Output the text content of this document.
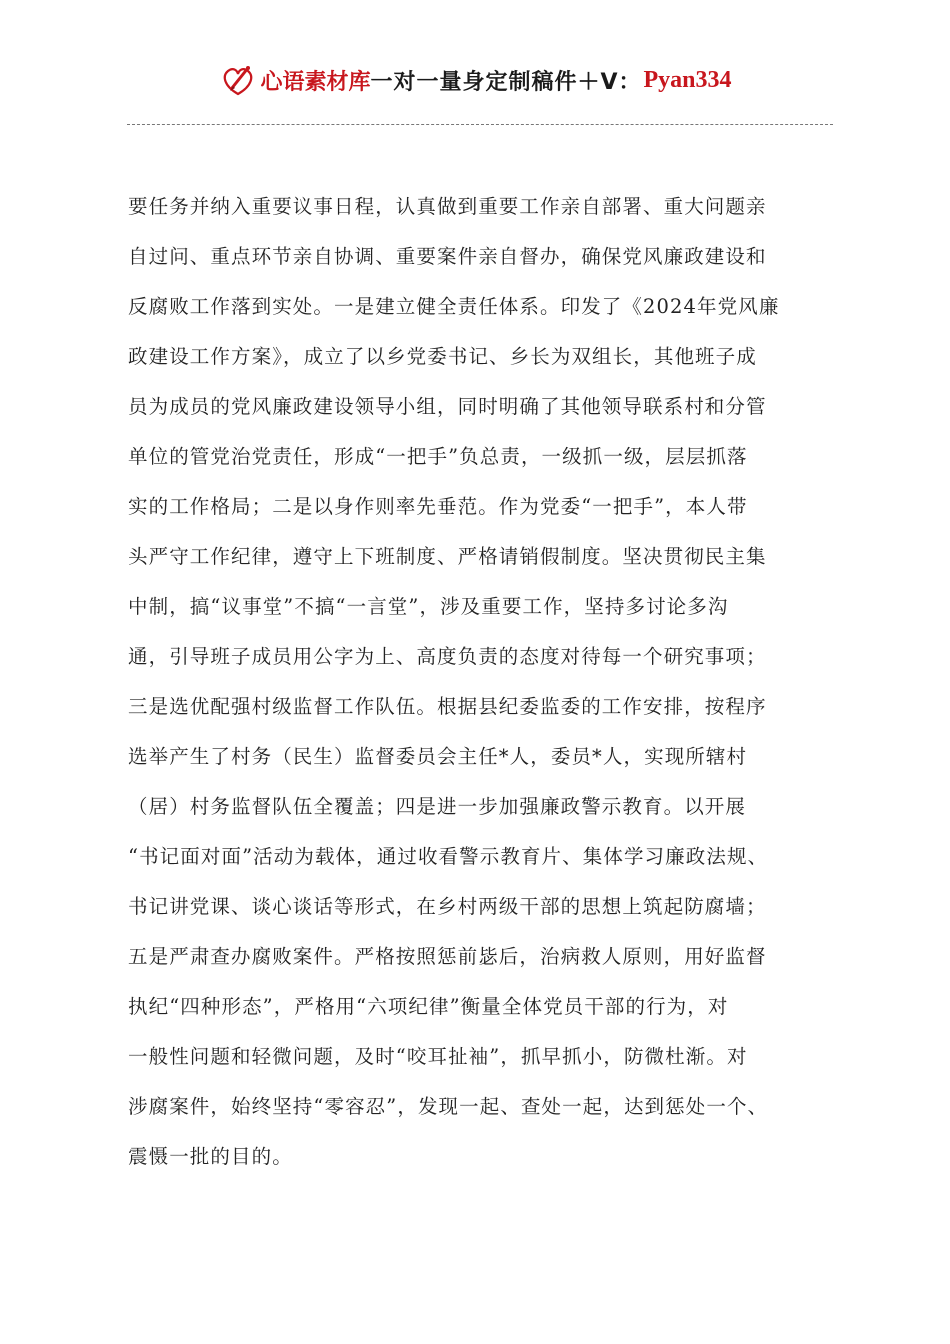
心语素材库 一对一量身定制稿件＋V： Pyan334
要任务并纳入重要议事日程，认真做到重要工作亲自部署、重大问题亲
自过问、重点环节亲自协调、重要案件亲自督办，确保党风廉政建设和
反腐败工作落到实处。一是建立健全责任体系。印发了《2024年党风廉
政建设工作方案》，成立了以乡党委书记、乡长为双组长，其他班子成
员为成员的党风廉政建设领导小组，同时明确了其他领导联系村和分管
单位的管党治党责任，形成“一把手”负总责，一级抓一级，层层抓落
实的工作格局；二是以身作则率先垂范。作为党委“一把手”，本人带
头严守工作纪律，遵守上下班制度、严格请销假制度。坚决贯彻民主集
中制，搞“议事堂”不搞“一言堂”，涉及重要工作，坚持多讨论多沟
通，引导班子成员用公字为上、高度负责的态度对待每一个研究事项；
三是选优配强村级监督工作队伍。根据县纪委监委的工作安排，按程序
选举产生了村务（民生）监督委员会主任*人，委员*人，实现所辖村
（居）村务监督队伍全覆盖；四是进一步加强廉政警示教育。以开展
“书记面对面”活动为载体，通过收看警示教育片、集体学习廉政法规、
书记讲党课、谈心谈话等形式，在乡村两级干部的思想上筑起防腐墙；
五是严肃查办腐败案件。严格按照惩前毖后，治病救人原则，用好监督
执纪“四种形态”，严格用“六项纪律”衡量全体党员干部的行为，对
一般性问题和轻微问题，及时“咬耳扯袖”，抓早抓小，防微杜渐。对
涉腐案件，始终坚持“零容忍”，发现一起、查处一起，达到惩处一个、
震慑一批的目的。
